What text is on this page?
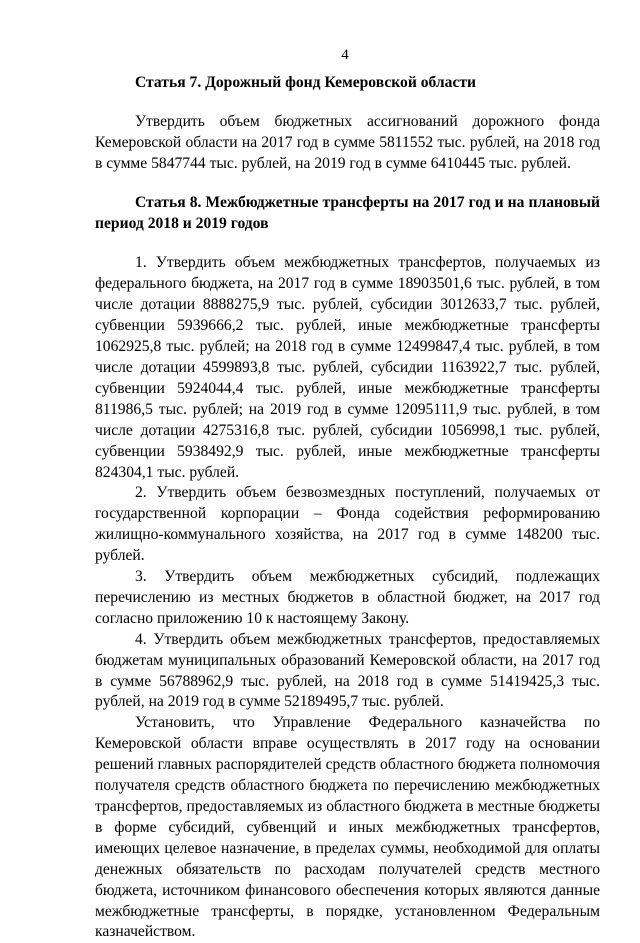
4
Статья 7. Дорожный фонд Кемеровской области

Утвердить объем бюджетных ассигнований дорожного фонда Кемеровской области на 2017 год в сумме 5811552 тыс. рублей, на 2018 год в сумме 5847744 тыс. рублей, на 2019 год в сумме 6410445 тыс. рублей.

Статья 8. Межбюджетные трансферты на 2017 год и на плановый период 2018 и 2019 годов

1. Утвердить объем межбюджетных трансфертов, получаемых из федерального бюджета, на 2017 год в сумме 18903501,6 тыс. рублей, в том числе дотации 8888275,9 тыс. рублей, субсидии 3012633,7 тыс. рублей, субвенции 5939666,2 тыс. рублей, иные межбюджетные трансферты 1062925,8 тыс. рублей; на 2018 год в сумме 12499847,4 тыс. рублей, в том числе дотации 4599893,8 тыс. рублей, субсидии 1163922,7 тыс. рублей, субвенции 5924044,4 тыс. рублей, иные межбюджетные трансферты 811986,5 тыс. рублей; на 2019 год в сумме 12095111,9 тыс. рублей, в том числе дотации 4275316,8 тыс. рублей, субсидии 1056998,1 тыс. рублей, субвенции 5938492,9 тыс. рублей, иные межбюджетные трансферты 824304,1 тыс. рублей.

2. Утвердить объем безвозмездных поступлений, получаемых от государственной корпорации – Фонда содействия реформированию жилищно-коммунального хозяйства, на 2017 год в сумме 148200 тыс. рублей.

3. Утвердить объем межбюджетных субсидий, подлежащих перечислению из местных бюджетов в областной бюджет, на 2017 год согласно приложению 10 к настоящему Закону.

4. Утвердить объем межбюджетных трансфертов, предоставляемых бюджетам муниципальных образований Кемеровской области, на 2017 год в сумме 56788962,9 тыс. рублей, на 2018 год в сумме 51419425,3 тыс. рублей, на 2019 год в сумме 52189495,7 тыс. рублей.

Установить, что Управление Федерального казначейства по Кемеровской области вправе осуществлять в 2017 году на основании решений главных распорядителей средств областного бюджета полномочия получателя средств областного бюджета по перечислению межбюджетных трансфертов, предоставляемых из областного бюджета в местные бюджеты в форме субсидий, субвенций и иных межбюджетных трансфертов, имеющих целевое назначение, в пределах суммы, необходимой для оплаты денежных обязательств по расходам получателей средств местного бюджета, источником финансового обеспечения которых являются данные межбюджетные трансферты, в порядке, установленном Федеральным казначейством.
